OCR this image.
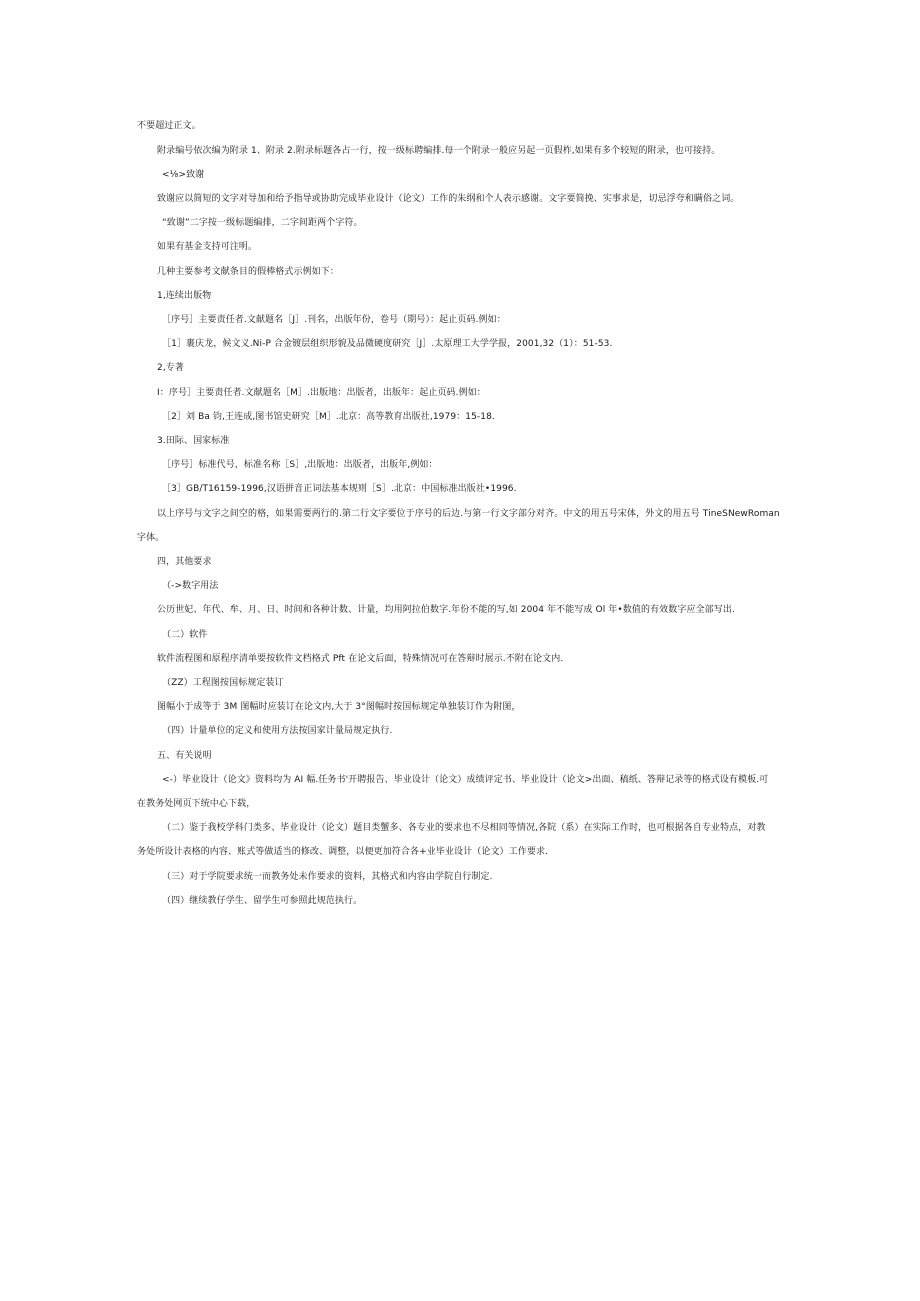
不要超过正文。
附录编号依次编为附录 1、附录 2.附录标题各占一行，按一级标聘编排.每一个附录一般应另起一页假柞,如果有多个较短的附录，也可接持。
<⅛>致谢
致谢应以简短的文字对导加和给予指导或协助完成毕业设计（论文）工作的朱纲和个人表示感谢。文字要简挽、实事求是，切忌浮夸和瞒俗之词。
“致谢”二字按一级标题编排，二字间距两个字符。
如果有基金支持可注明。
几种主要参考文献条目的假棒格式示例如下：
1,连续出版物
［序号］主要责任者.文献题名［J］.刊名，出版年份，卷号（期号）：起止页码.例如：
［1］裹庆龙，候文义.Ni-P 合金镀层组织形貌及品微硬度研究［J］.太原理工大学学报，2001,32（1）：51-53.
2,专著
I：序号］主要责任者.文献题名［M］.出版地：出版者，出版年：起止页码.例如：
［2］刘 Ba 钧,王连成,图书馆史研究［M］.北京：高等教育出版社,1979：15-18.
3.田际、国家标准
［序号］标准代号，标准名称［S］,出版地：出版者，出版年,例如：
［3］GB/T16159-1996,汉语拼音正词法基本规则［S］.北京：中国标准出版社•1996.
以上序号与文字之间空的格，如果需要两行的.第二行文字要位于序号的后边.与第一行文字部分对齐。中文的用五号宋体，外文的用五号 TineSNewRoman
字体。
四，其他要求
（->数字用法
公历世妃、年代、牟、月、日、时间和各种计数、计量，均用阿拉伯数字.年份不能的写,如 2004 年不能写成 Ol 年•数值的有效数字应全部写出.
（二）软件
软件流程图和原程序清单要按软件文档格式 Pft 在论文后面，特殊情况可在答辩时展示.不附在论文内.
（ZZ）工程图按国标规定装订
图幅小于成等于 3M 图幅时应装订在论文内,大于 3°图幅时按国标规定单独装订作为附图，
（四）计量单位的定义和使用方法按国家计量局规定执行.
五、有关说明
<-）毕业设计（论文》资料均为 AI 幅.任务书'开聘报告、毕业设计（论文）成绩评定书、毕业设计（论文>出面、稿纸、答辩记录等的格式设有模板.可
在教务处网页下统中心下载，
（二）鉴于我校学科门类多、毕业设计（论文）题目类蟹多、各专业的要求也不尽相同等情况,各院（系）在实际工作时，也可根据各自专业特点，对教
务处所设计表格的内容、账式等做适当的修改、调整，以便更加符合各+业毕业设计（论文）工作要求.
（三）对于学院要求统一而教务处未作要求的资料，其格式和内容由学院自行制定.
（四）继续教仔学生、留学生可参照此规范执行。
